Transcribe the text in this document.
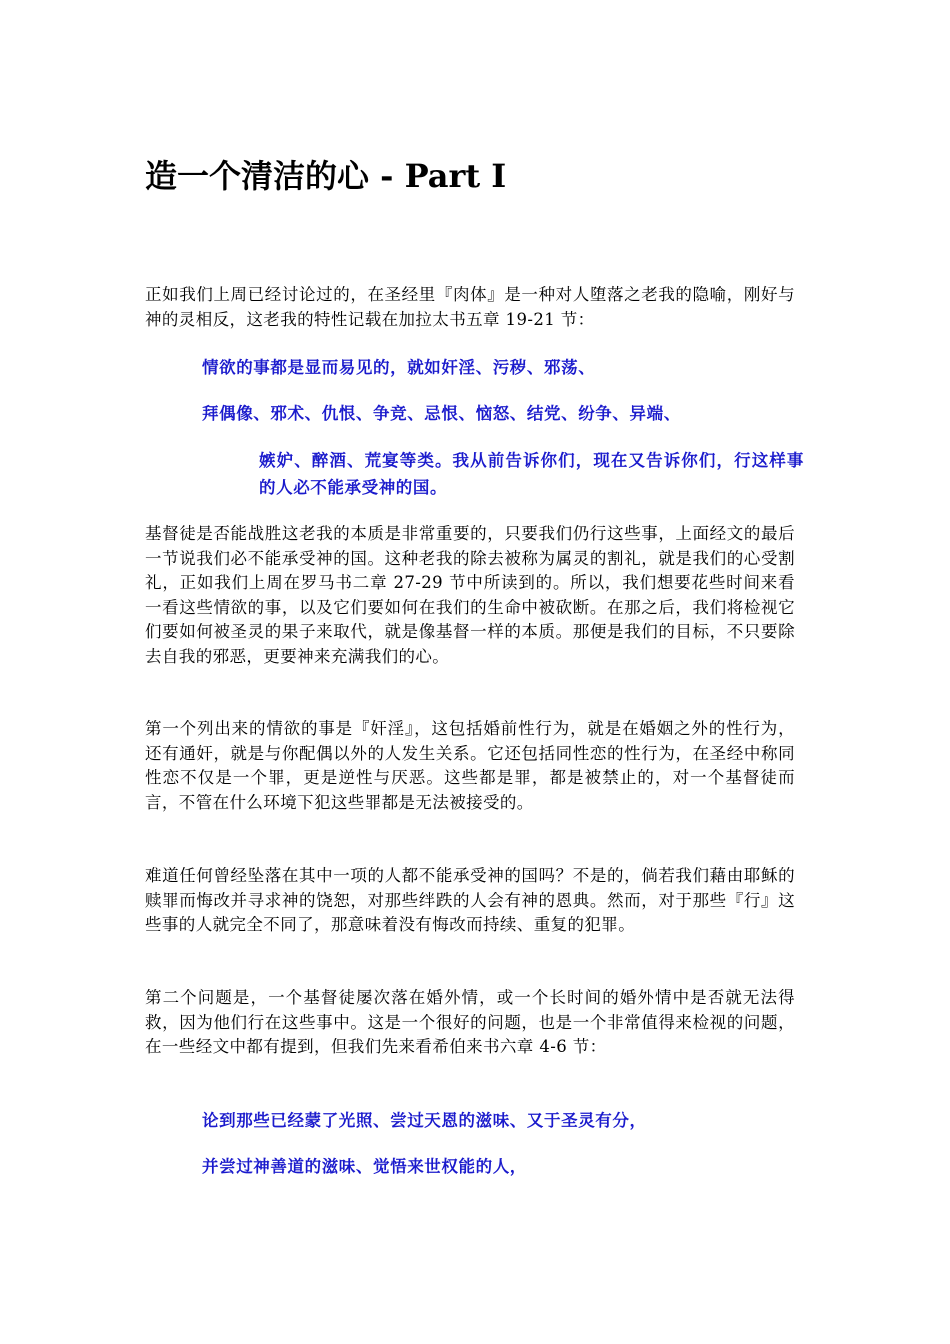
造一个清洁的心 - Part I

正如我们上周已经讨论过的，在圣经里『肉体』是一种对人堕落之老我的隐喻，刚好与神的灵相反，这老我的特性记载在加拉太书五章 19-21 节：

情欲的事都是显而易见的，就如奸淫、污秽、邪荡、

拜偶像、邪术、仇恨、争竞、忌恨、恼怒、结党、纷争、异端、

嫉妒、醉酒、荒宴等类。我从前告诉你们，现在又告诉你们，行这样事的人必不能承受神的国。

基督徒是否能战胜这老我的本质是非常重要的，只要我们仍行这些事，上面经文的最后一节说我们必不能承受神的国。这种老我的除去被称为属灵的割礼，就是我们的心受割礼，正如我们上周在罗马书二章 27-29 节中所读到的。所以，我们想要花些时间来看一看这些情欲的事，以及它们要如何在我们的生命中被砍断。在那之后，我们将检视它们要如何被圣灵的果子来取代，就是像基督一样的本质。那便是我们的目标，不只要除去自我的邪恶，更要神来充满我们的心。

第一个列出来的情欲的事是『奸淫』，这包括婚前性行为，就是在婚姻之外的性行为，还有通奸，就是与你配偶以外的人发生关系。它还包括同性恋的性行为，在圣经中称同性恋不仅是一个罪，更是逆性与厌恶。这些都是罪，都是被禁止的，对一个基督徒而言，不管在什么环境下犯这些罪都是无法被接受的。

难道任何曾经坠落在其中一项的人都不能承受神的国吗？不是的，倘若我们藉由耶稣的赎罪而悔改并寻求神的饶恕，对那些绊跌的人会有神的恩典。然而，对于那些『行』这些事的人就完全不同了，那意味着没有悔改而持续、重复的犯罪。

第二个问题是，一个基督徒屡次落在婚外情，或一个长时间的婚外情中是否就无法得救，因为他们行在这些事中。这是一个很好的问题，也是一个非常值得来检视的问题，在一些经文中都有提到，但我们先来看希伯来书六章 4-6 节：

论到那些已经蒙了光照、尝过天恩的滋味、又于圣灵有分，

并尝过神善道的滋味、觉悟来世权能的人，
